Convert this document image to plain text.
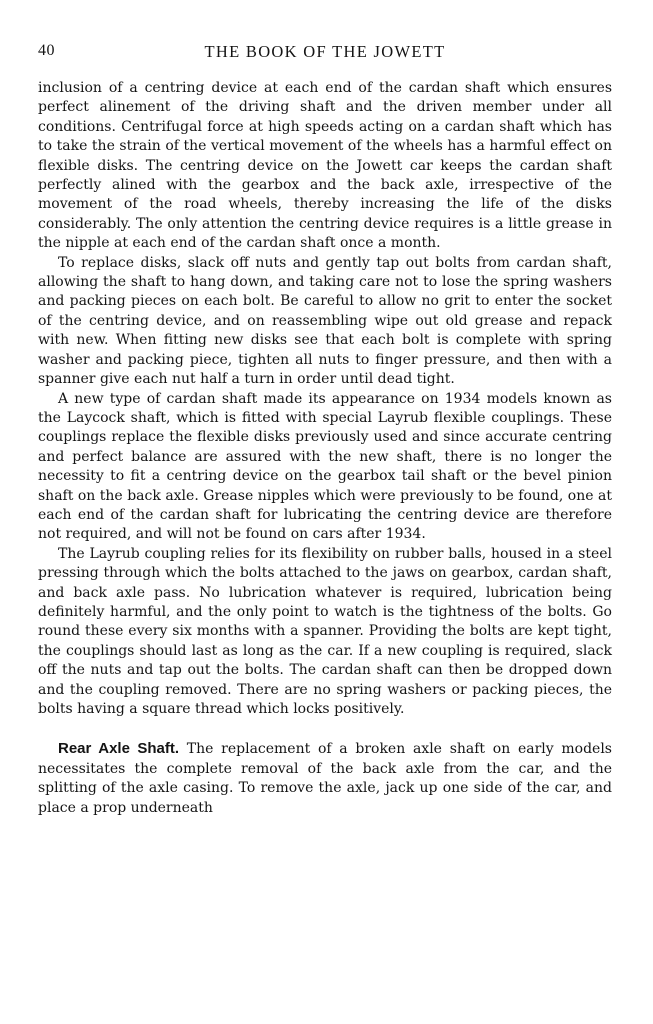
40	THE BOOK OF THE JOWETT

inclusion of a centring device at each end of the cardan shaft which ensures perfect alinement of the driving shaft and the driven member under all conditions. Centrifugal force at high speeds acting on a cardan shaft which has to take the strain of the vertical movement of the wheels has a harmful effect on flexible disks. The centring device on the Jowett car keeps the cardan shaft perfectly alined with the gearbox and the back axle, irrespective of the movement of the road wheels, thereby increasing the life of the disks considerably. The only attention the centring device requires is a little grease in the nipple at each end of the cardan shaft once a month.

To replace disks, slack off nuts and gently tap out bolts from cardan shaft, allowing the shaft to hang down, and taking care not to lose the spring washers and packing pieces on each bolt. Be careful to allow no grit to enter the socket of the centring device, and on reassembling wipe out old grease and repack with new. When fitting new disks see that each bolt is complete with spring washer and packing piece, tighten all nuts to finger pressure, and then with a spanner give each nut half a turn in order until dead tight.

A new type of cardan shaft made its appearance on 1934 models known as the Laycock shaft, which is fitted with special Layrub flexible couplings. These couplings replace the flexible disks previously used and since accurate centring and perfect balance are assured with the new shaft, there is no longer the necessity to fit a centring device on the gearbox tail shaft or the bevel pinion shaft on the back axle. Grease nipples which were previously to be found, one at each end of the cardan shaft for lubricating the centring device are therefore not required, and will not be found on cars after 1934.

The Layrub coupling relies for its flexibility on rubber balls, housed in a steel pressing through which the bolts attached to the jaws on gearbox, cardan shaft, and back axle pass. No lubrication whatever is required, lubrication being definitely harmful, and the only point to watch is the tightness of the bolts. Go round these every six months with a spanner. Providing the bolts are kept tight, the couplings should last as long as the car. If a new coupling is required, slack off the nuts and tap out the bolts. The cardan shaft can then be dropped down and the coupling removed. There are no spring washers or packing pieces, the bolts having a square thread which locks positively.

Rear Axle Shaft. The replacement of a broken axle shaft on early models necessitates the complete removal of the back axle from the car, and the splitting of the axle casing. To remove the axle, jack up one side of the car, and place a prop underneath
